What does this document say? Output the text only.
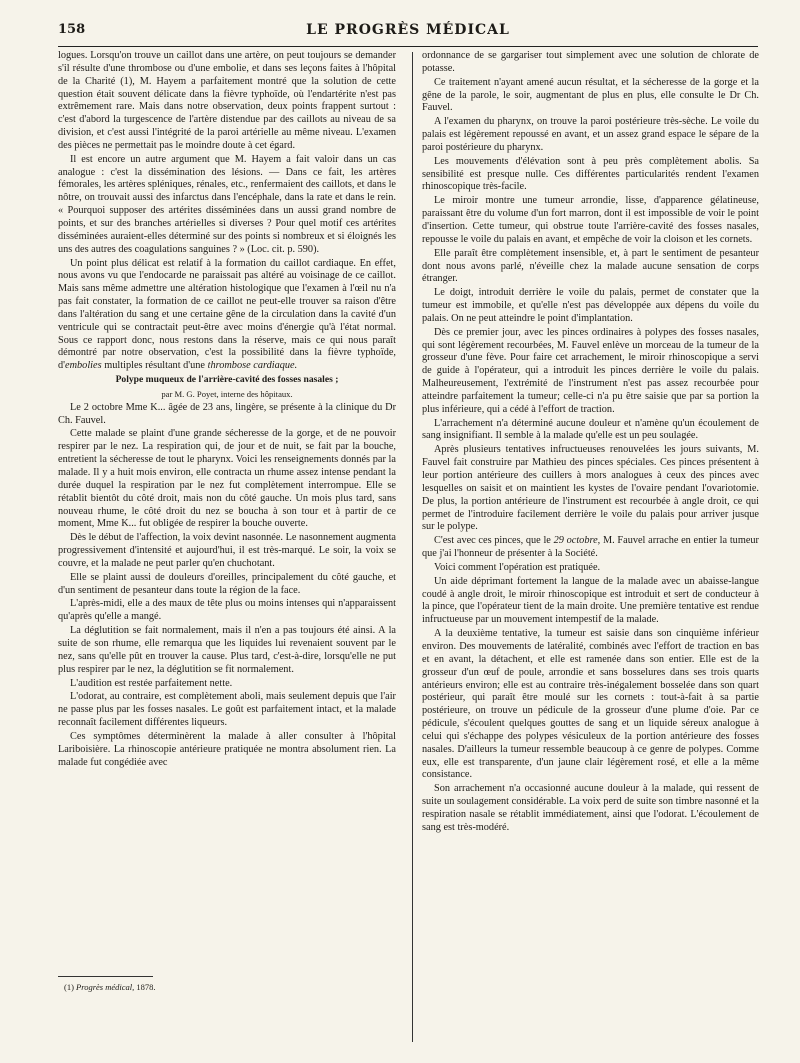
158	LE PROGRÈS MÉDICAL

logues. Lorsqu'on trouve un caillot dans une artère, on peut toujours se demander s'il résulte d'une thrombose ou d'une embolie, et dans ses leçons faites à l'hôpital de la Charité (1), M. Hayem a parfaitement montré que la solution de cette question était souvent délicate dans la fièvre typhoïde, où l'endartérite n'est pas extrêmement rare. Mais dans notre observation, deux points frappent surtout : c'est d'abord la turgescence de l'artère distendue par des caillots au niveau de sa division, et c'est aussi l'intégrité de la paroi artérielle au même niveau. L'examen des pièces ne permettait pas le moindre doute à cet égard.

Il est encore un autre argument que M. Hayem a fait valoir dans un cas analogue : c'est la dissémination des lésions. — Dans ce fait, les artères fémorales, les artères spléniques, rénales, etc., renfermaient des caillots, et dans le nôtre, on trouvait aussi des infarctus dans l'encéphale, dans la rate et dans le rein. « Pourquoi supposer des artérites disséminées dans un aussi grand nombre de points, et sur des branches artérielles si diverses ? Pour quel motif ces artérites disséminées auraient-elles déterminé sur des points si nombreux et si éloignés les uns des autres des coagulations sanguines ? » (Loc. cit. p. 590).

Un point plus délicat est relatif à la formation du caillot cardiaque. En effet, nous avons vu que l'endocarde ne paraissait pas altéré au voisinage de ce caillot. Mais sans même admettre une altération histologique que l'examen à l'œil nu n'a pas fait constater, la formation de ce caillot ne peut-elle trouver sa raison d'être dans l'altération du sang et une certaine gêne de la circulation dans la cavité d'un ventricule qui se contractait peut-être avec moins d'énergie qu'à l'état normal. Sous ce rapport donc, nous restons dans la réserve, mais ce qui nous paraît démontré par notre observation, c'est la possibilité dans la fièvre typhoïde, d'embolies multiples résultant d'une thrombose cardiaque.

Polype muqueux de l'arrière-cavité des fosses nasales ;

par M. G. Poyet, interne des hôpitaux.

Le 2 octobre Mme K... âgée de 23 ans, lingère, se présente à la clinique du Dr Ch. Fauvel.

Cette malade se plaint d'une grande sécheresse de la gorge, et de ne pouvoir respirer par le nez. La respiration qui, de jour et de nuit, se fait par la bouche, entretient la sécheresse de tout le pharynx. Voici les renseignements donnés par la malade. Il y a huit mois environ, elle contracta un rhume assez intense pendant la durée duquel la respiration par le nez fut complètement interrompue. Elle se rétablit bientôt du côté droit, mais non du côté gauche. Un mois plus tard, sans nouveau rhume, le côté droit du nez se boucha à son tour et à partir de ce moment, Mme K... fut obligée de respirer la bouche ouverte.

Dès le début de l'affection, la voix devint nasonnée. Le nasonnement augmenta progressivement d'intensité et aujourd'hui, il est très-marqué. Le soir, la voix se couvre, et la malade ne peut parler qu'en chuchotant.

Elle se plaint aussi de douleurs d'oreilles, principalement du côté gauche, et d'un sentiment de pesanteur dans toute la région de la face.

L'après-midi, elle a des maux de tête plus ou moins intenses qui n'apparaissent qu'après qu'elle a mangé.

La déglutition se fait normalement, mais il n'en a pas toujours été ainsi. A la suite de son rhume, elle remarqua que les liquides lui revenaient souvent par le nez, sans qu'elle pût en trouver la cause. Plus tard, c'est-à-dire, lorsqu'elle ne put plus respirer par le nez, la déglutition se fit normalement.

L'audition est restée parfaitement nette.

L'odorat, au contraire, est complètement aboli, mais seulement depuis que l'air ne passe plus par les fosses nasales. Le goût est parfaitement intact, et la malade reconnaît facilement différentes liqueurs.

Ces symptômes déterminèrent la malade à aller consulter à l'hôpital Lariboisière. La rhinoscopie antérieure pratiquée ne montra absolument rien. La malade fut congédiée avec

ordonnance de se gargariser tout simplement avec une solution de chlorate de potasse.

Ce traitement n'ayant amené aucun résultat, et la sécheresse de la gorge et la gêne de la parole, le soir, augmentant de plus en plus, elle consulte le Dr Ch. Fauvel.

A l'examen du pharynx, on trouve la paroi postérieure très-sèche. Le voile du palais est légèrement repoussé en avant, et un assez grand espace le sépare de la paroi postérieure du pharynx.

Les mouvements d'élévation sont à peu près complètement abolis. Sa sensibilité est presque nulle. Ces différentes particularités rendent l'examen rhinoscopique très-facile.

Le miroir montre une tumeur arrondie, lisse, d'apparence gélatineuse, paraissant être du volume d'un fort marron, dont il est impossible de voir le point d'insertion. Cette tumeur, qui obstrue toute l'arrière-cavité des fosses nasales, repousse le voile du palais en avant, et empêche de voir la cloison et les cornets.

Elle paraît être complètement insensible, et, à part le sentiment de pesanteur dont nous avons parlé, n'éveille chez la malade aucune sensation de corps étranger.

Le doigt, introduit derrière le voile du palais, permet de constater que la tumeur est immobile, et qu'elle n'est pas développée aux dépens du voile du palais. On ne peut atteindre le point d'implantation.

Dès ce premier jour, avec les pinces ordinaires à polypes des fosses nasales, qui sont légèrement recourbées, M. Fauvel enlève un morceau de la tumeur de la grosseur d'une fève. Pour faire cet arrachement, le miroir rhinoscopique a servi de guide à l'opérateur, qui a introduit les pinces derrière le voile du palais. Malheureusement, l'extrémité de l'instrument n'est pas assez recourbée pour atteindre parfaitement la tumeur; celle-ci n'a pu être saisie que par sa portion la plus inférieure, qui a cédé à l'effort de traction.

L'arrachement n'a déterminé aucune douleur et n'amène qu'un écoulement de sang insignifiant. Il semble à la malade qu'elle est un peu soulagée.

Après plusieurs tentatives infructueuses renouvelées les jours suivants, M. Fauvel fait construire par Mathieu des pinces spéciales. Ces pinces présentent à leur portion antérieure des cuillers à mors analogues à ceux des pinces avec lesquelles on saisit et on maintient les kystes de l'ovaire pendant l'ovariotomie. De plus, la portion antérieure de l'instrument est recourbée à angle droit, ce qui permet de l'introduire facilement derrière le voile du palais pour arriver jusque sur le polype.

C'est avec ces pinces, que le 29 octobre, M. Fauvel arrache en entier la tumeur que j'ai l'honneur de présenter à la Société.

Voici comment l'opération est pratiquée.

Un aide déprimant fortement la langue de la malade avec un abaisse-langue coudé à angle droit, le miroir rhinoscopique est introduit et sert de conducteur à la pince, que l'opérateur tient de la main droite. Une première tentative est rendue infructueuse par un mouvement intempestif de la malade.

A la deuxième tentative, la tumeur est saisie dans son cinquième inférieur environ. Des mouvements de latéralité, combinés avec l'effort de traction en bas et en avant, la détachent, et elle est ramenée dans son entier. Elle est de la grosseur d'un œuf de poule, arrondie et sans bosselures dans ses trois quarts antérieurs environ; elle est au contraire très-inégalement bosselée dans son quart postérieur, qui paraît être moulé sur les cornets : tout-à-fait à sa partie postérieure, on trouve un pédicule de la grosseur d'une plume d'oie. Par ce pédicule, s'écoulent quelques gouttes de sang et un liquide séreux analogue à celui qui s'échappe des polypes vésiculeux de la portion antérieure des fosses nasales. D'ailleurs la tumeur ressemble beaucoup à ce genre de polypes. Comme eux, elle est transparente, d'un jaune clair légèrement rosé, et elle a la même consistance.

Son arrachement n'a occasionné aucune douleur à la malade, qui ressent de suite un soulagement considérable. La voix perd de suite son timbre nasonné et la respiration nasale se rétablit immédiatement, ainsi que l'odorat. L'écoulement de sang est très-modéré.

(1) Progrès médical, 1878.
